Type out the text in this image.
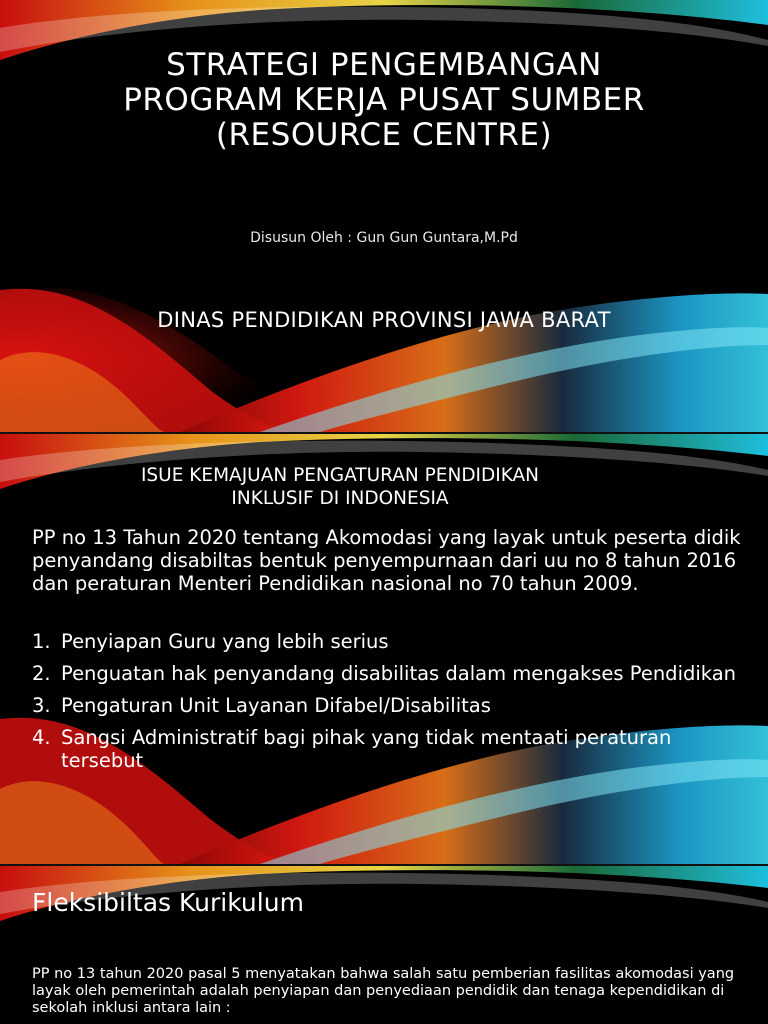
STRATEGI PENGEMBANGAN
PROGRAM KERJA PUSAT SUMBER
(RESOURCE CENTRE)
Disusun Oleh : Gun Gun Guntara,M.Pd
DINAS PENDIDIKAN PROVINSI JAWA BARAT
ISUE KEMAJUAN PENGATURAN PENDIDIKAN
INKLUSIF DI INDONESIA
PP no 13 Tahun 2020 tentang Akomodasi yang layak untuk peserta didik penyandang disabiltas bentuk penyempurnaan dari uu no 8 tahun 2016 dan peraturan Menteri Pendidikan nasional no 70 tahun 2009.
1. Penyiapan Guru yang lebih serius
2. Penguatan hak penyandang disabilitas dalam mengakses Pendidikan
3. Pengaturan Unit Layanan Difabel/Disabilitas
4. Sangsi Administratif bagi pihak yang tidak mentaati peraturan tersebut
Fleksibiltas Kurikulum
PP no 13 tahun 2020 pasal 5 menyatakan bahwa salah satu pemberian fasilitas akomodasi yang layak oleh pemerintah adalah penyiapan dan penyediaan pendidik dan tenaga kependidikan di sekolah inklusi antara lain :
